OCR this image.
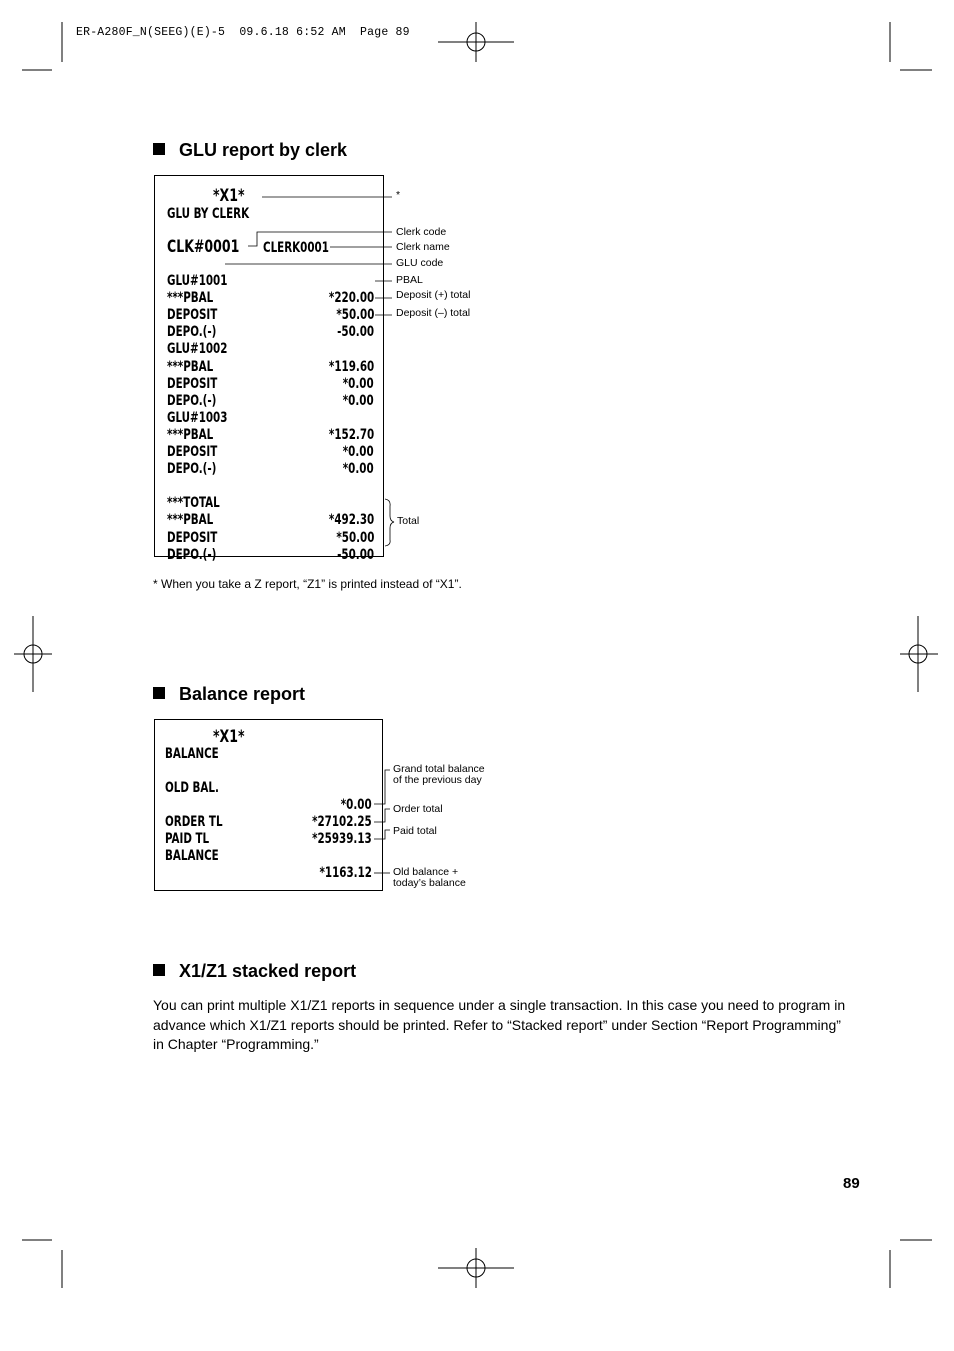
ER-A280F_N(SEEG)(E)-5  09.6.18 6:52 AM  Page 89
GLU report by clerk
*X1*
GLU BY CLERK
CLK#0001 CLERK0001
GLU#1001
***PBAL	*220.00
DEPOSIT	*50.00
DEPO.(-)	-50.00
GLU#1002
***PBAL	*119.60
DEPOSIT	*0.00
DEPO.(-)	*0.00
GLU#1003
***PBAL	*152.70
DEPOSIT	*0.00
DEPO.(-)	*0.00
***TOTAL
***PBAL	*492.30
DEPOSIT	*50.00
DEPO.(-)	-50.00
*
Clerk code
Clerk name
GLU code
PBAL
Deposit (+) total
Deposit (–) total
Total
* When you take a Z report, “Z1” is printed instead of “X1”.
Balance report
*X1*
BALANCE
OLD BAL.
*0.00
ORDER TL	*27102.25
PAID TL	*25939.13
BALANCE
*1163.12
Grand total balance
of the previous day
Order total
Paid total
Old balance +
today’s balance
X1/Z1 stacked report
You can print multiple X1/Z1 reports in sequence under a single transaction. In this case you need to program in advance which X1/Z1 reports should be printed. Refer to “Stacked report” under Section “Report Programming” in Chapter “Programming.”
89
